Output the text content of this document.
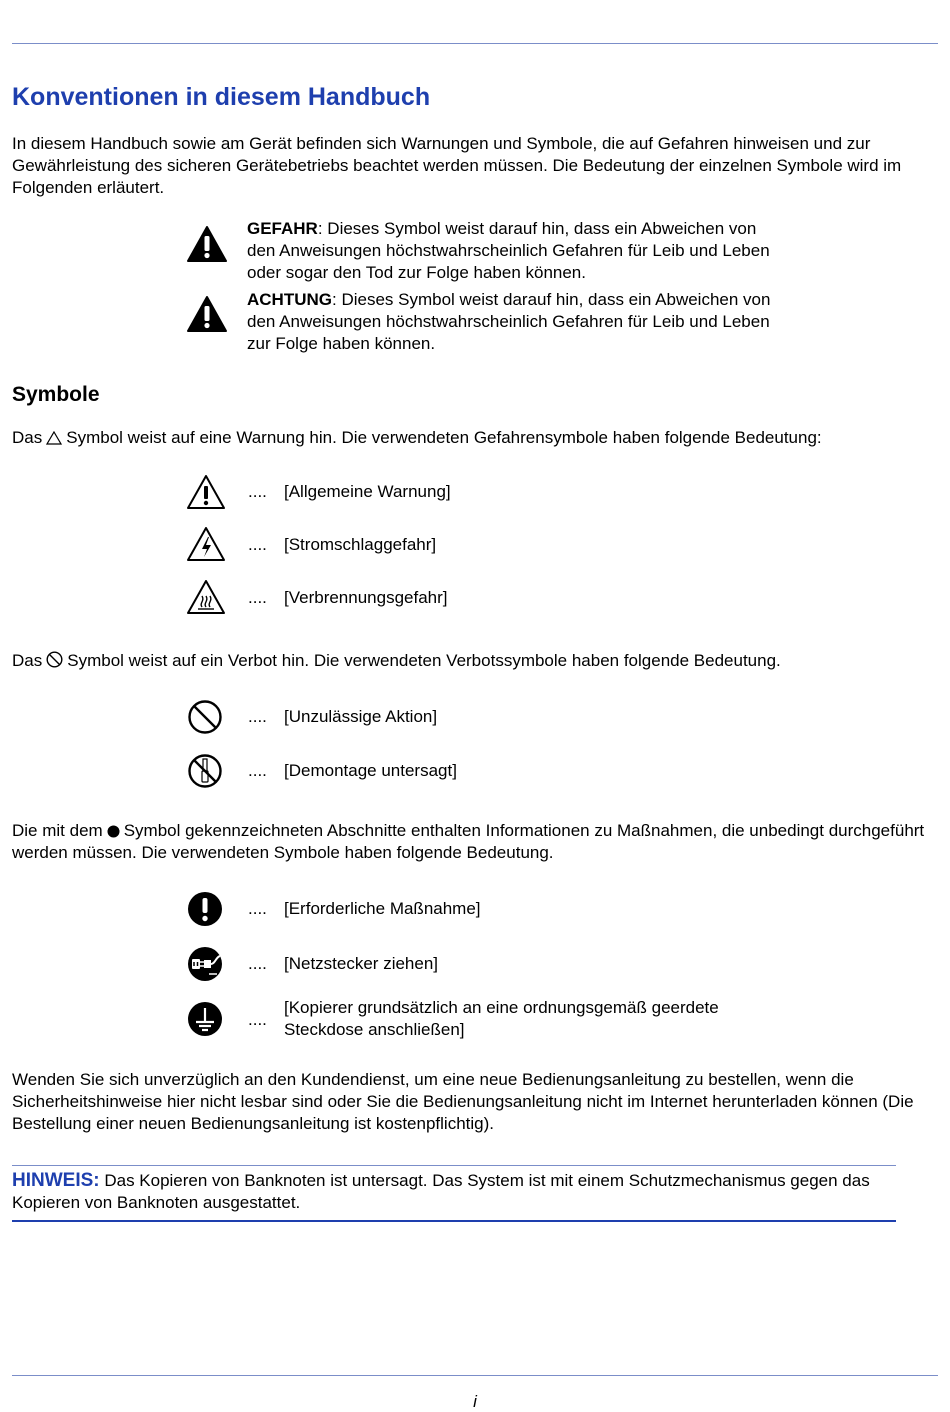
Konventionen in diesem Handbuch

In diesem Handbuch sowie am Gerät befinden sich Warnungen und Symbole, die auf Gefahren hinweisen und zur Gewährleistung des sicheren Gerätebetriebs beachtet werden müssen. Die Bedeutung der einzelnen Symbole wird im Folgenden erläutert.

GEFAHR: Dieses Symbol weist darauf hin, dass ein Abweichen von den Anweisungen höchstwahrscheinlich Gefahren für Leib und Leben oder sogar den Tod zur Folge haben können.

ACHTUNG: Dieses Symbol weist darauf hin, dass ein Abweichen von den Anweisungen höchstwahrscheinlich Gefahren für Leib und Leben zur Folge haben können.

Symbole

Das Symbol weist auf eine Warnung hin. Die verwendeten Gefahrensymbole haben folgende Bedeutung:

.... [Allgemeine Warnung]
.... [Stromschlaggefahr]
.... [Verbrennungsgefahr]

Das Symbol weist auf ein Verbot hin. Die verwendeten Verbotssymbole haben folgende Bedeutung.

.... [Unzulässige Aktion]
.... [Demontage untersagt]

Die mit dem Symbol gekennzeichneten Abschnitte enthalten Informationen zu Maßnahmen, die unbedingt durchgeführt werden müssen. Die verwendeten Symbole haben folgende Bedeutung.

.... [Erforderliche Maßnahme]
.... [Netzstecker ziehen]
....
[Kopierer grundsätzlich an eine ordnungsgemäß geerdete Steckdose anschließen]

Wenden Sie sich unverzüglich an den Kundendienst, um eine neue Bedienungsanleitung zu bestellen, wenn die Sicherheitshinweise hier nicht lesbar sind oder Sie die Bedienungsanleitung nicht im Internet herunterladen können (Die Bestellung einer neuen Bedienungsanleitung ist kostenpflichtig).

HINWEIS: Das Kopieren von Banknoten ist untersagt. Das System ist mit einem Schutzmechanismus gegen das Kopieren von Banknoten ausgestattet.

i
